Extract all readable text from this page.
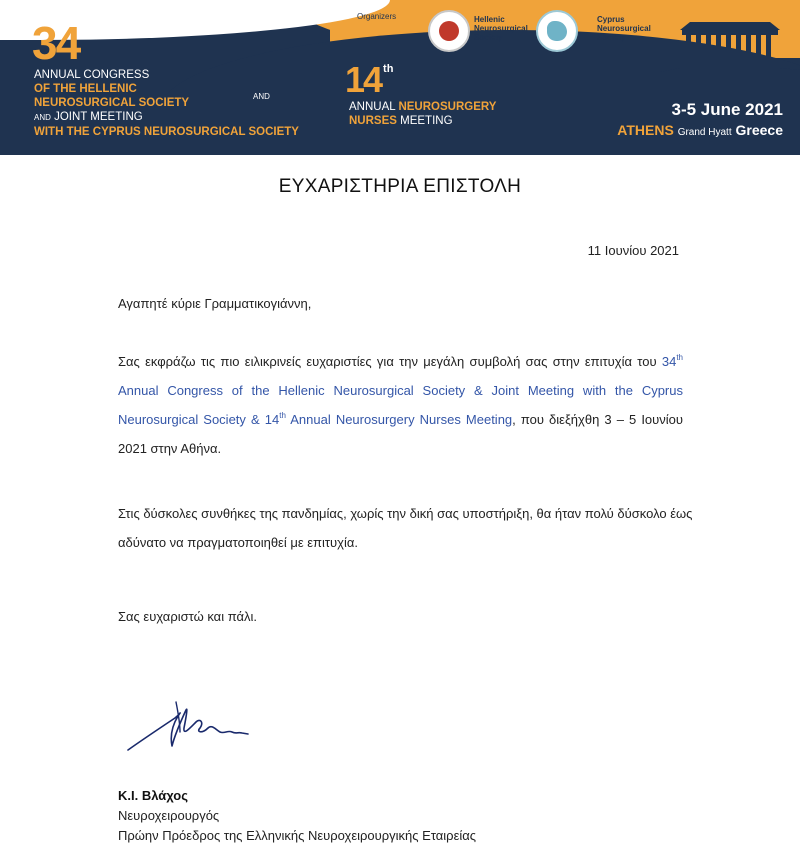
34 $^{th}$
ANNUAL CONGRESS
OF THE HELLENIC
NEUROSURGICAL SOCIETY
AND JOINT MEETING
WITH THE CYPRUS NEUROSURGICAL SOCIETY
AND 14 $^{th}$
ANNUAL NEUROSURGERY
NURSES MEETING
Organizers	Hellenic
Neurosurgical
Society
Cyprus
Neurosurgical
Society
3-5 June 2021
ATHENS Grand Hyatt Greece
ΕΥΧΑΡΙΣΤΗΡΙΑ ΕΠΙΣΤΟΛΗ
11 Ιουνίου 2021
Αγαπητέ κύριε Γραμματικογιάννη,
Σας εκφράζω τις πιο ειλικρινείς ευχαριστίες για την μεγάλη συμβολή σας στην επιτυχία του 34th Annual Congress of the Hellenic Neurosurgical Society & Joint Meeting with the Cyprus Neurosurgical Society & 14th Annual Neurosurgery Nurses Meeting, που διεξήχθη 3 – 5 Ιουνίου 2021 στην Αθήνα.
Στις δύσκολες συνθήκες της πανδημίας, χωρίς την δική σας υποστήριξη, θα ήταν πολύ δύσκολο έως αδύνατο να πραγματοποιηθεί με επιτυχία.
Σας ευχαριστώ και πάλι.
Κ.Ι. Βλάχος
Νευροχειρουργός
Πρώην Πρόεδρος της Ελληνικής Νευροχειρουργικής Εταιρείας
